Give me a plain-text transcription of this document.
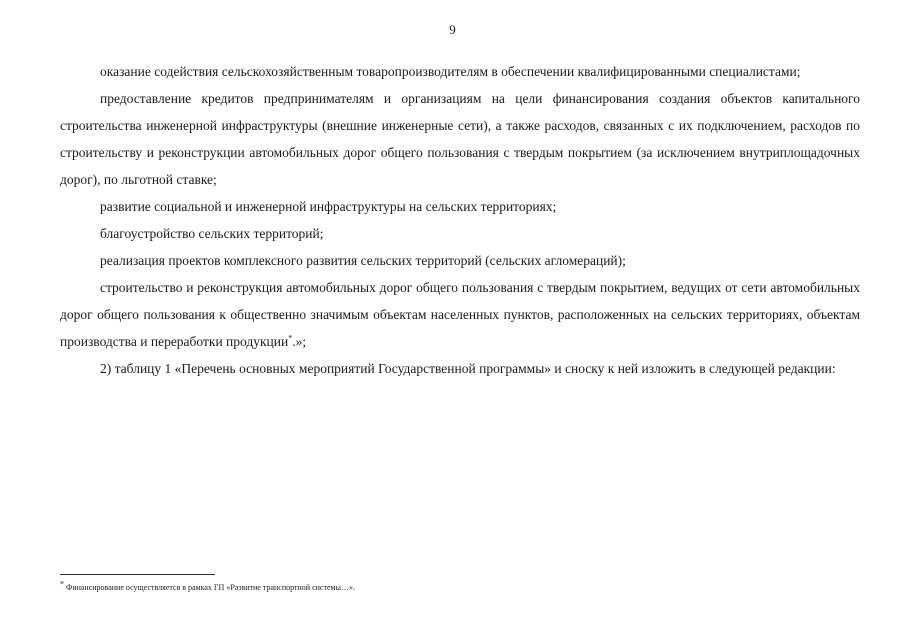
9

оказание содействия сельскохозяйственным товаропроизводителям в обеспечении квалифицированными специалистами;

предоставление кредитов предпринимателям и организациям на цели финансирования создания объектов капитального строительства инженерной инфраструктуры (внешние инженерные сети), а также расходов, связанных с их подключением, расходов по строительству и реконструкции автомобильных дорог общего пользования с твердым покрытием (за исключением внутриплощадочных дорог), по льготной ставке;

развитие социальной и инженерной инфраструктуры на сельских территориях;

благоустройство сельских территорий;

реализация проектов комплексного развития сельских территорий (сельских агломераций);

строительство и реконструкция автомобильных дорог общего пользования с твердым покрытием, ведущих от сети автомобильных дорог общего пользования к общественно значимым объектам населенных пунктов, расположенных на сельских территориях, объектам производства и переработки продукции*.»;

2) таблицу 1 «Перечень основных мероприятий Государственной программы» и сноску к ней изложить в следующей редакции:

* Финансирование осуществляется в рамках ГП «Развитие транспортной системы…».
